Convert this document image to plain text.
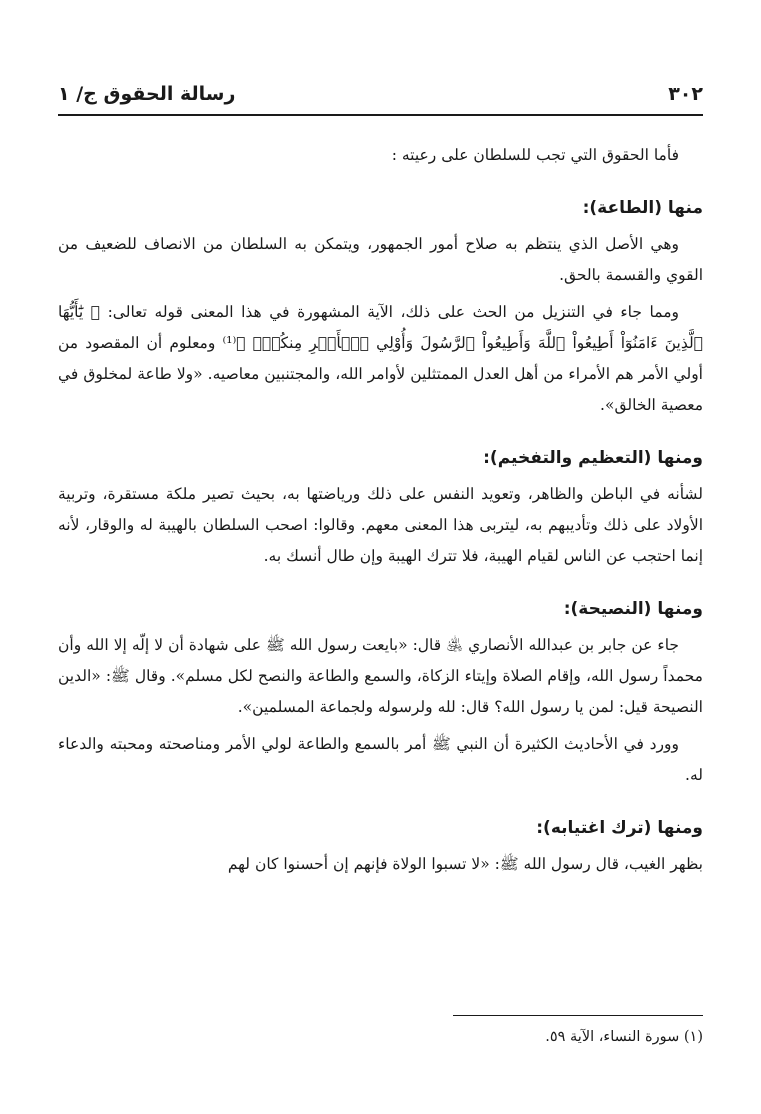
٣٠٢
رسالة الحقوق ج/ ١

فأما الحقوق التي تجب للسلطان على رعيته :

منها (الطاعة):

وهي الأصل الذي ينتظم به صلاح أمور الجمهور، ويتمكن به السلطان من الانصاف للضعيف من القوي والقسمة بالحق.

ومما جاء في التنزيل من الحث على ذلك، الآية المشهورة في هذا المعنى قوله تعالى: ﴿ يَٰٓأَيُّهَا ٱلَّذِينَ ءَامَنُوٓاْ أَطِيعُواْ ٱللَّهَ وَأَطِيعُواْ ٱلرَّسُولَ وَأُوْلِي ٱلۡأَمۡرِ مِنكُمۡۖ ﴾⁽¹⁾ ومعلوم أن المقصود من أولي الأمر هم الأمراء من أهل العدل الممتثلين لأوامر الله، والمجتنبين معاصيه. «ولا طاعة لمخلوق في معصية الخالق».

ومنها (التعظيم والتفخيم):

لشأنه في الباطن والظاهر، وتعويد النفس على ذلك ورياضتها به، بحيث تصير ملكة مستقرة، وتربية الأولاد على ذلك وتأديبهم به، ليتربى هذا المعنى معهم. وقالوا: اصحب السلطان بالهيبة له والوقار، لأنه إنما احتجب عن الناس لقيام الهيبة، فلا تترك الهيبة وإن طال أنسك به.

ومنها (النصيحة):

جاء عن جابر بن عبدالله الأنصاري ﵁ قال: «بايعت رسول الله ﷺ على شهادة أن لا إلّه إلا الله وأن محمداً رسول الله، وإقام الصلاة وإيتاء الزكاة، والسمع والطاعة والنصح لكل مسلم». وقال ﷺ: «الدين النصيحة قيل: لمن يا رسول الله؟ قال: لله ولرسوله ولجماعة المسلمين».

وورد في الأحاديث الكثيرة أن النبي ﷺ أمر بالسمع والطاعة لولي الأمر ومناصحته ومحبته والدعاء له.

ومنها (ترك اغتيابه):

بظهر الغيب، قال رسول الله ﷺ: «لا تسبوا الولاة فإنهم إن أحسنوا كان لهم

(١) سورة النساء، الآية ٥٩.
